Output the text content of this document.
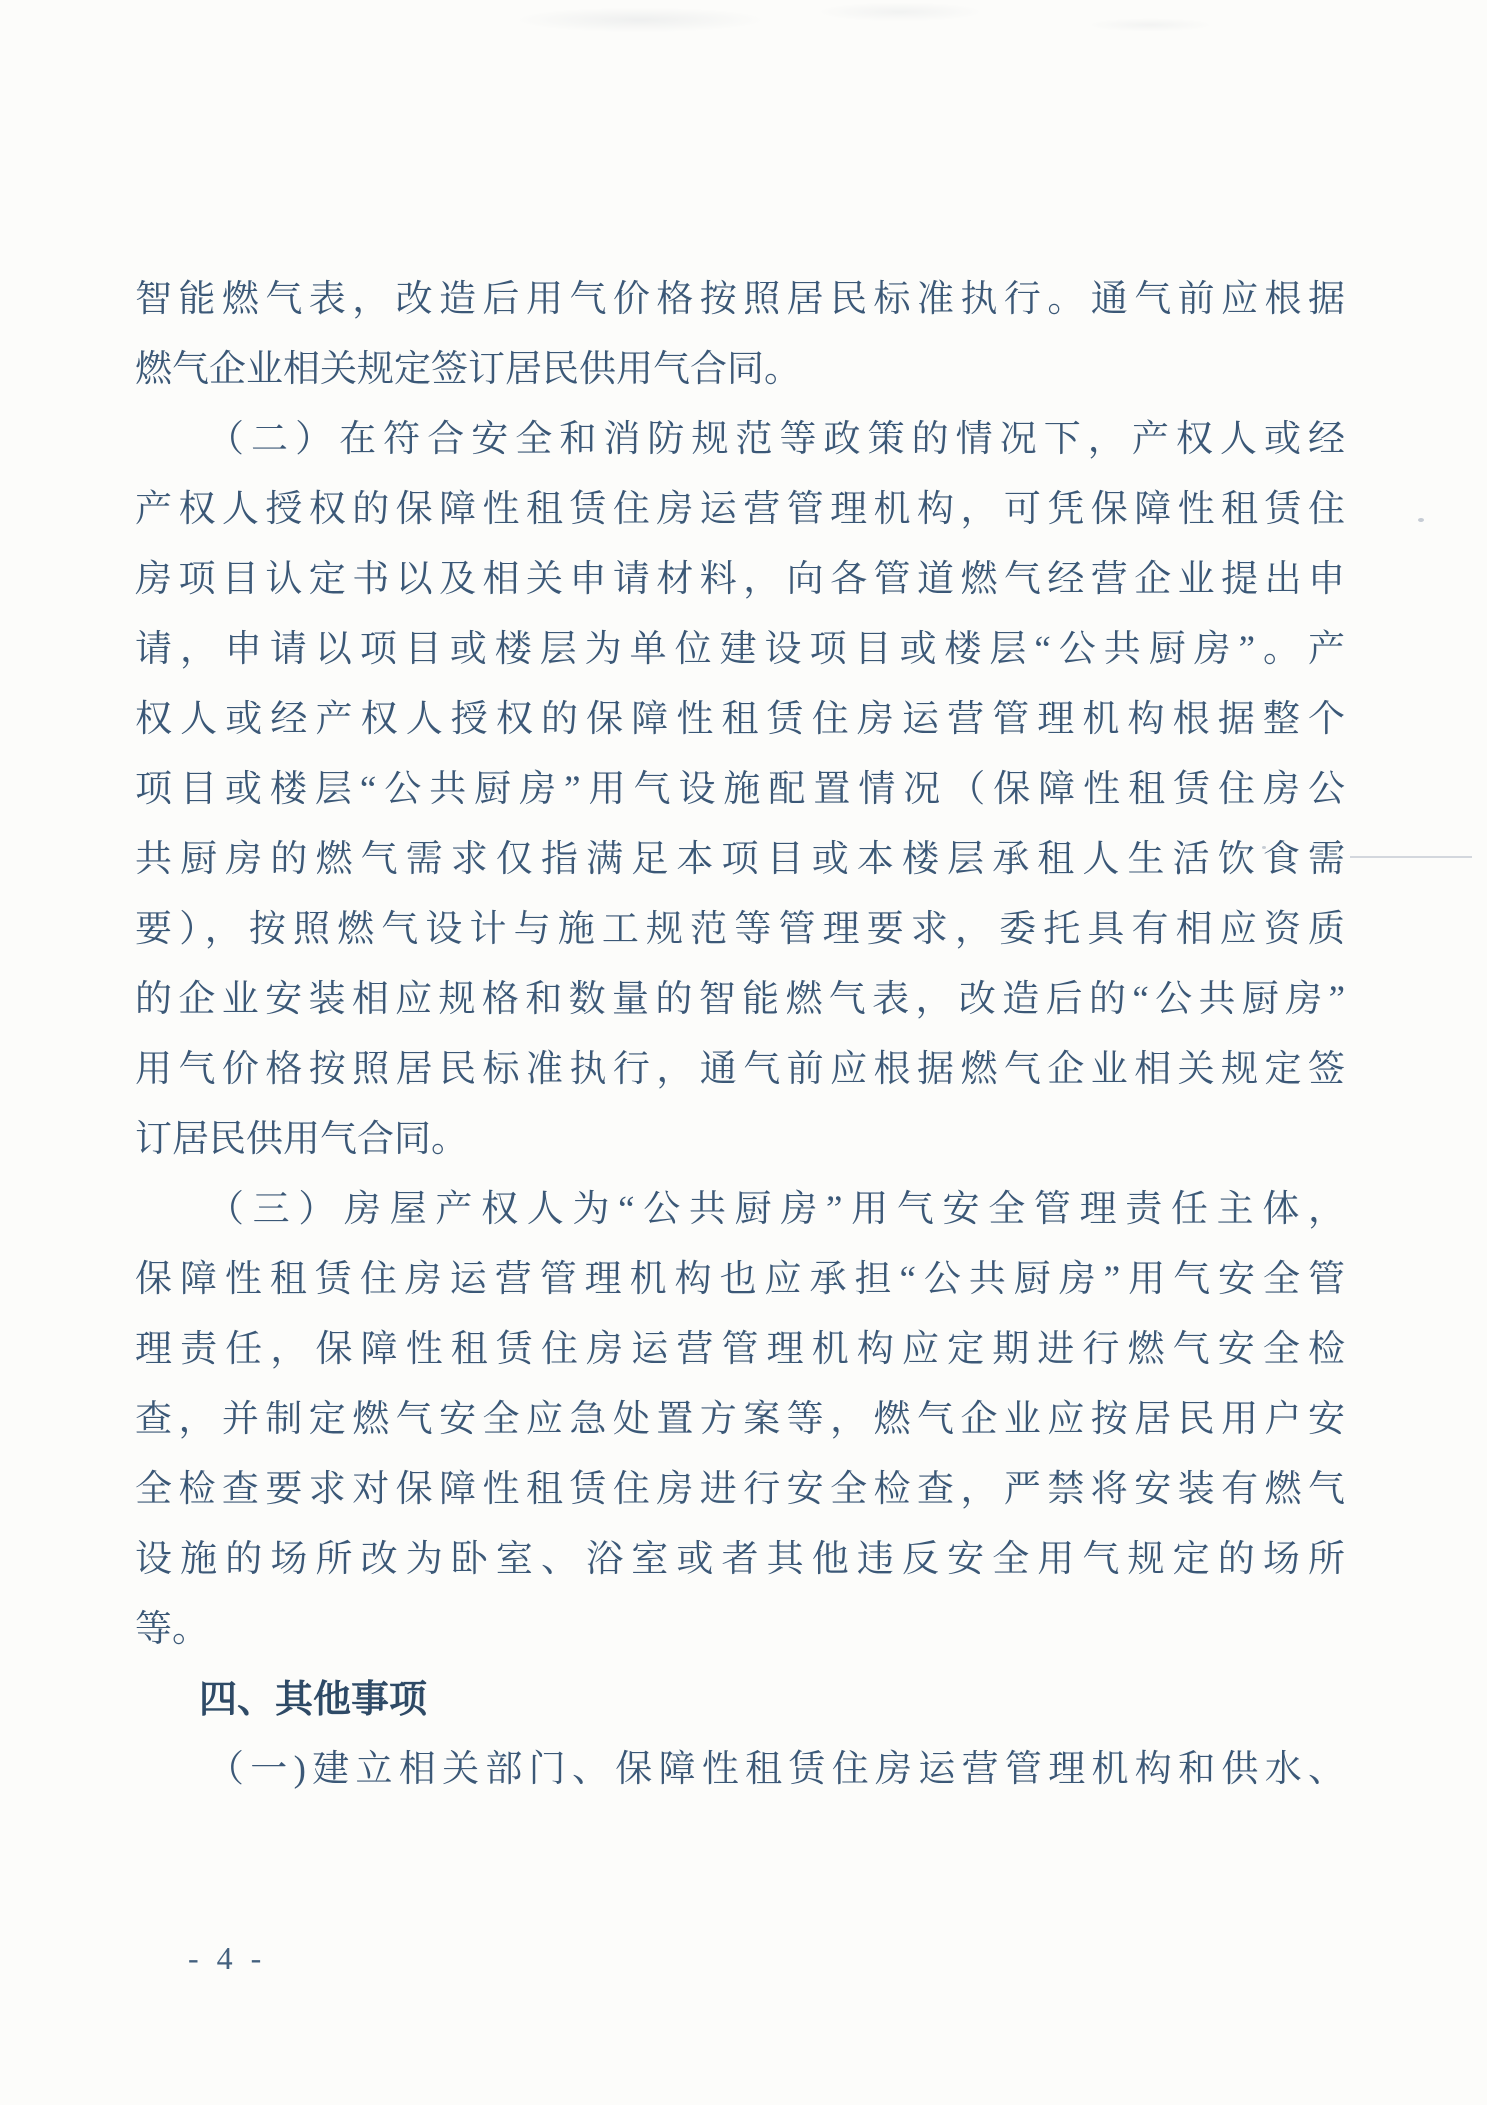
智能燃气表，改造后用气价格按照居民标准执行。通气前应根据
燃气企业相关规定签订居民供用气合同。
（二）在符合安全和消防规范等政策的情况下，产权人或经
产权人授权的保障性租赁住房运营管理机构，可凭保障性租赁住
房项目认定书以及相关申请材料，向各管道燃气经营企业提出申
请，申请以项目或楼层为单位建设项目或楼层“公共厨房”。产
权人或经产权人授权的保障性租赁住房运营管理机构根据整个
项目或楼层“公共厨房”用气设施配置情况（保障性租赁住房公
共厨房的燃气需求仅指满足本项目或本楼层承租人生活饮食需
要），按照燃气设计与施工规范等管理要求，委托具有相应资质
的企业安装相应规格和数量的智能燃气表，改造后的“公共厨房”
用气价格按照居民标准执行，通气前应根据燃气企业相关规定签
订居民供用气合同。
（三）房屋产权人为“公共厨房”用气安全管理责任主体，
保障性租赁住房运营管理机构也应承担“公共厨房”用气安全管
理责任，保障性租赁住房运营管理机构应定期进行燃气安全检
查，并制定燃气安全应急处置方案等，燃气企业应按居民用户安
全检查要求对保障性租赁住房进行安全检查，严禁将安装有燃气
设施的场所改为卧室、浴室或者其他违反安全用气规定的场所
等。
四、其他事项
（一)建立相关部门、保障性租赁住房运营管理机构和供水、
- 4 -
